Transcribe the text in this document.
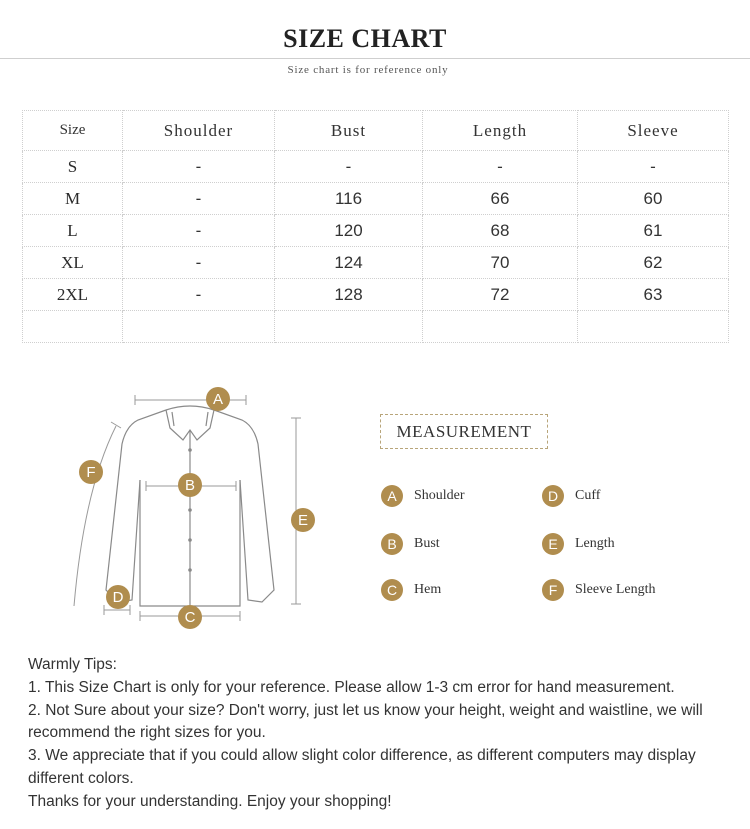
SIZE CHART
Size chart is for reference only
Size	Shoulder	Bust	Length	Sleeve
S	-	-	-	-
M	-	116	66	60
L	-	120	68	61
XL	-	124	70	62
2XL	-	128	72	63

A
B
C
D
E
F
MEASUREMENT
A	Shoulder
B	Bust
C	Hem
D	Cuff
E	Length
F	Sleeve Length

Warmly Tips:

1. This Size Chart is only for your reference. Please allow 1-3 cm error for hand measurement.

2. Not Sure about your size? Don't worry, just let us know your height, weight and waistline, we will recommend the right sizes for you.

3. We appreciate that if you could allow slight color difference, as different computers may display different colors.

Thanks for your understanding. Enjoy your shopping!
